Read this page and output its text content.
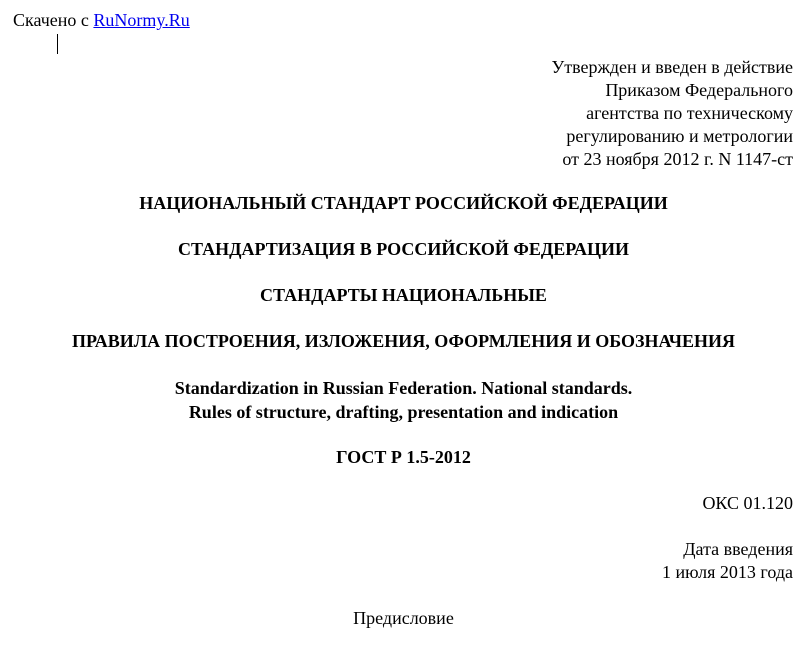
Скачено с RuNormy.Ru
Утвержден и введен в действие
Приказом Федерального
агентства по техническому
регулированию и метрологии
от 23 ноября 2012 г. N 1147-ст
НАЦИОНАЛЬНЫЙ СТАНДАРТ РОССИЙСКОЙ ФЕДЕРАЦИИ
СТАНДАРТИЗАЦИЯ В РОССИЙСКОЙ ФЕДЕРАЦИИ
СТАНДАРТЫ НАЦИОНАЛЬНЫЕ
ПРАВИЛА ПОСТРОЕНИЯ, ИЗЛОЖЕНИЯ, ОФОРМЛЕНИЯ И ОБОЗНАЧЕНИЯ
Standardization in Russian Federation. National standards.
Rules of structure, drafting, presentation and indication
ГОСТ Р 1.5-2012
ОКС 01.120
Дата введения
1 июля 2013 года
Предисловие
